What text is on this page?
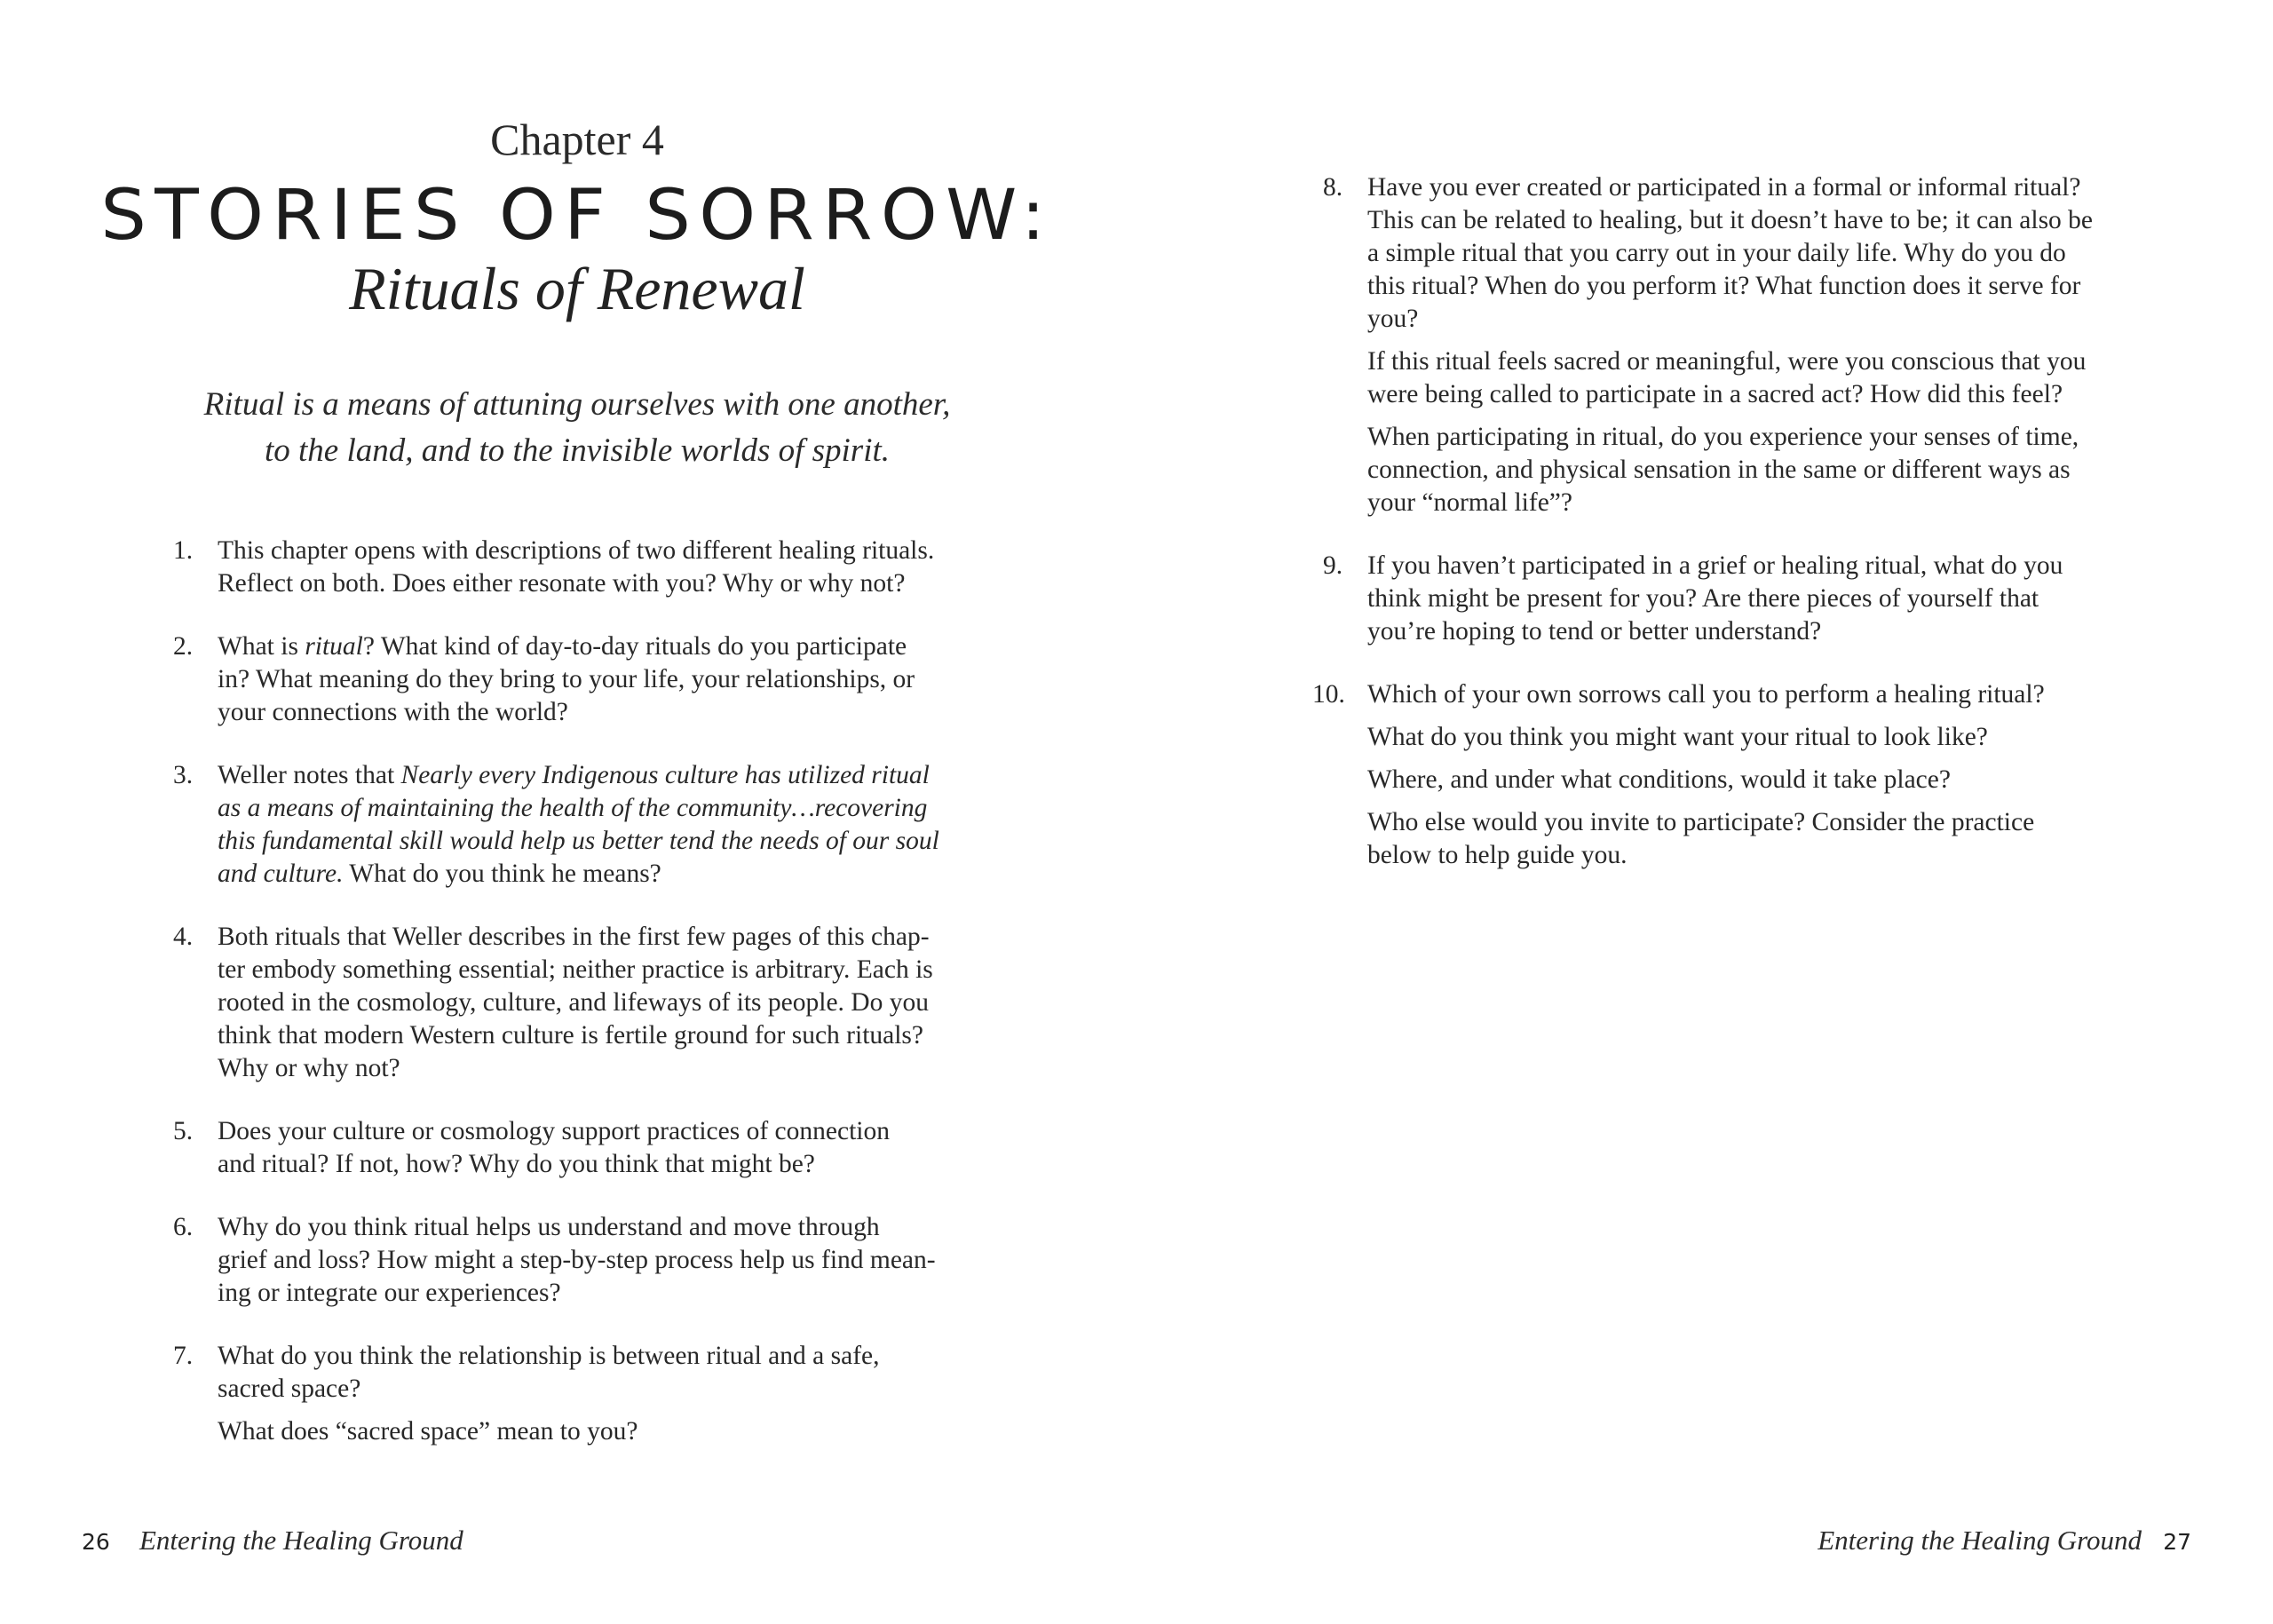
Chapter 4
STORIES OF SORROW:
Rituals of Renewal
Ritual is a means of attuning ourselves with one another,
to the land, and to the invisible worlds of spirit.
1. This chapter opens with descriptions of two different healing rituals.
Reflect on both. Does either resonate with you? Why or why not?

2. What is ritual? What kind of day-to-day rituals do you participate
in? What meaning do they bring to your life, your relationships, or
your connections with the world?

3. Weller notes that Nearly every Indigenous culture has utilized ritual
as a means of maintaining the health of the community…recovering
this fundamental skill would help us better tend the needs of our soul
and culture. What do you think he means?

4. Both rituals that Weller describes in the first few pages of this chap-
ter embody something essential; neither practice is arbitrary. Each is
rooted in the cosmology, culture, and lifeways of its people. Do you
think that modern Western culture is fertile ground for such rituals?
Why or why not?

5. Does your culture or cosmology support practices of connection
and ritual? If not, how? Why do you think that might be?

6. Why do you think ritual helps us understand and move through
grief and loss? How might a step-by-step process help us find mean-
ing or integrate our experiences?

7. What do you think the relationship is between ritual and a safe,
sacred space?

What does “sacred space” mean to you?

26 Entering the Healing Ground	Entering the Healing Ground 27
8. Have you ever created or participated in a formal or informal ritual?
This can be related to healing, but it doesn’t have to be; it can also be
a simple ritual that you carry out in your daily life. Why do you do
this ritual? When do you perform it? What function does it serve for
you?

If this ritual feels sacred or meaningful, were you conscious that you
were being called to participate in a sacred act? How did this feel?

When participating in ritual, do you experience your senses of time,
connection, and physical sensation in the same or different ways as
your “normal life”?

9. If you haven’t participated in a grief or healing ritual, what do you
think might be present for you? Are there pieces of yourself that
you’re hoping to tend or better understand?

10. Which of your own sorrows call you to perform a healing ritual?

What do you think you might want your ritual to look like?

Where, and under what conditions, would it take place?

Who else would you invite to participate? Consider the practice
below to help guide you.
